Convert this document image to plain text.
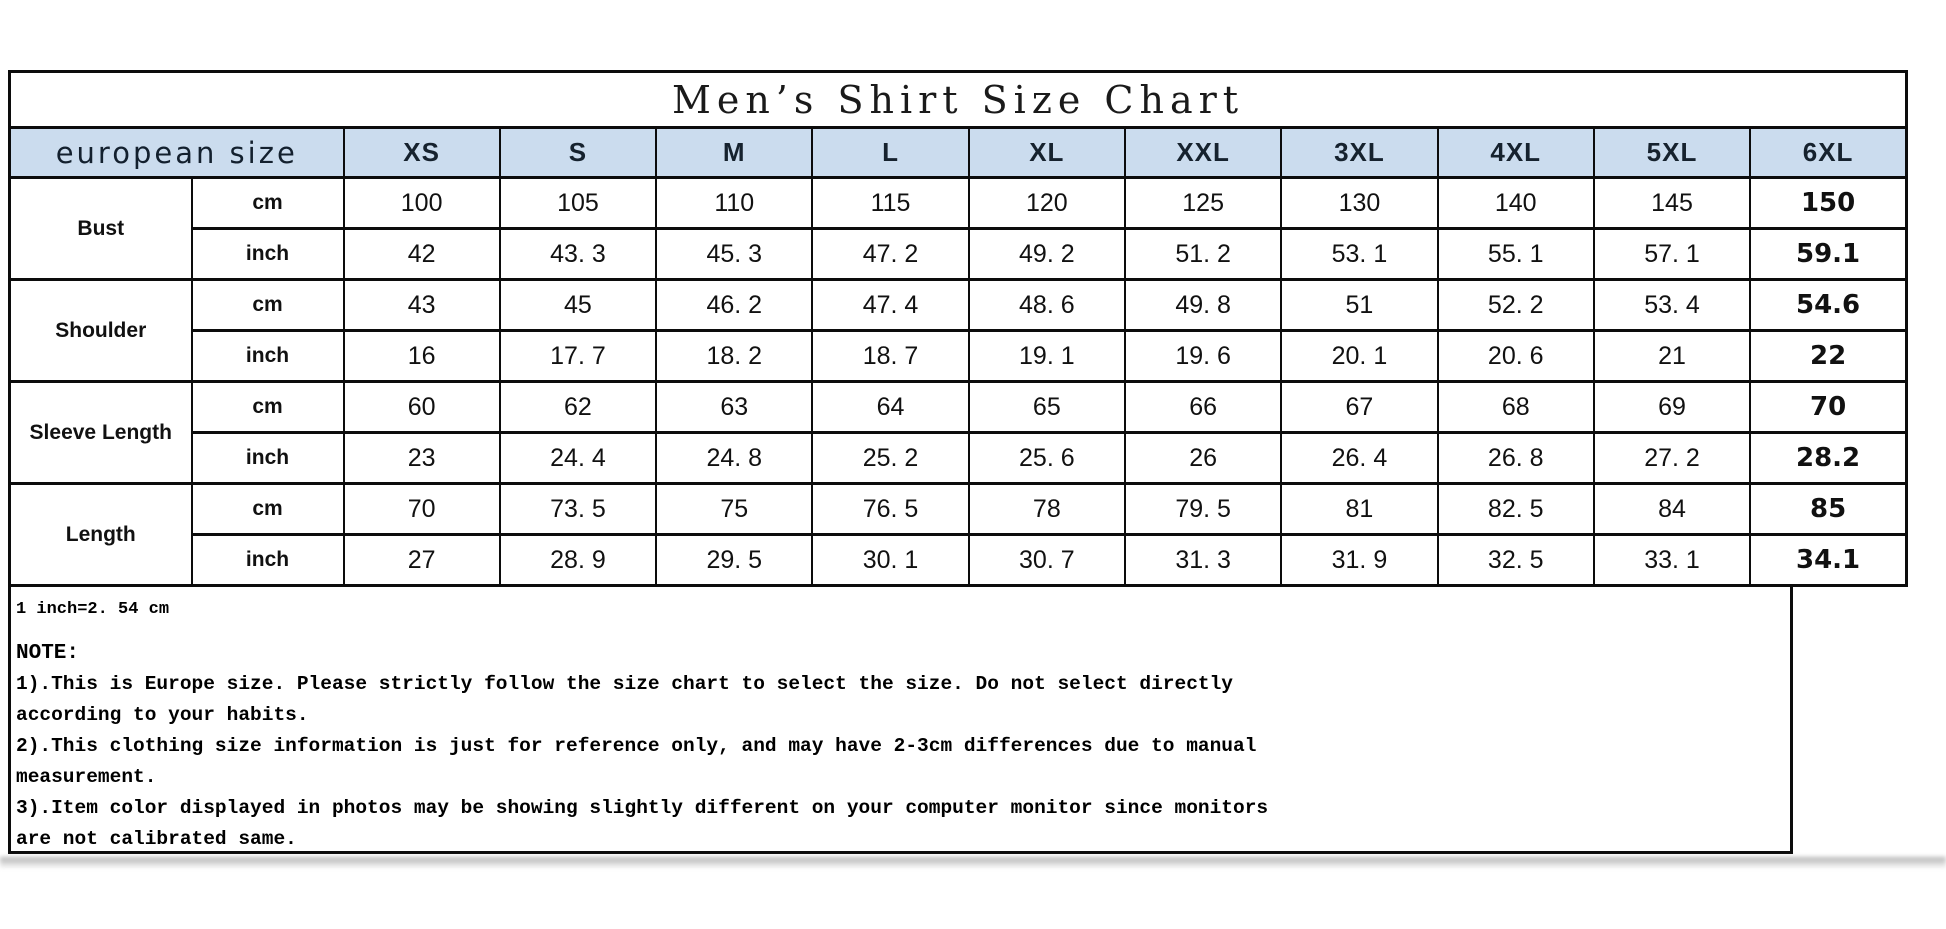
Men’s Shirt Size Chart											
european size		XS	S	M	L	XL	XXL	3XL	4XL	5XL	6XL
Bust	cm	100	105	110	115	120	125	130	140	145	150
	inch	42	43. 3	45. 3	47. 2	49. 2	51. 2	53. 1	55. 1	57. 1	59.1
Shoulder	cm	43	45	46. 2	47. 4	48. 6	49. 8	51	52. 2	53. 4	54.6
	inch	16	17. 7	18. 2	18. 7	19. 1	19. 6	20. 1	20. 6	21	22
Sleeve Length	cm	60	62	63	64	65	66	67	68	69	70
	inch	23	24. 4	24. 8	25. 2	25. 6	26	26. 4	26. 8	27. 2	28.2
Length	cm	70	73. 5	75	76. 5	78	79. 5	81	82. 5	84	85
	inch	27	28. 9	29. 5	30. 1	30. 7	31. 3	31. 9	32. 5	33. 1	34.1
1 inch=2. 54 cm
NOTE:
1).This is Europe size. Please strictly follow the size chart to select the size. Do not select directly
according to your habits.
2).This clothing size information is just for reference only, and may have 2-3cm differences due to manual
measurement.
3).Item color displayed in photos may be showing slightly different on your computer monitor since monitors
are not calibrated same.
